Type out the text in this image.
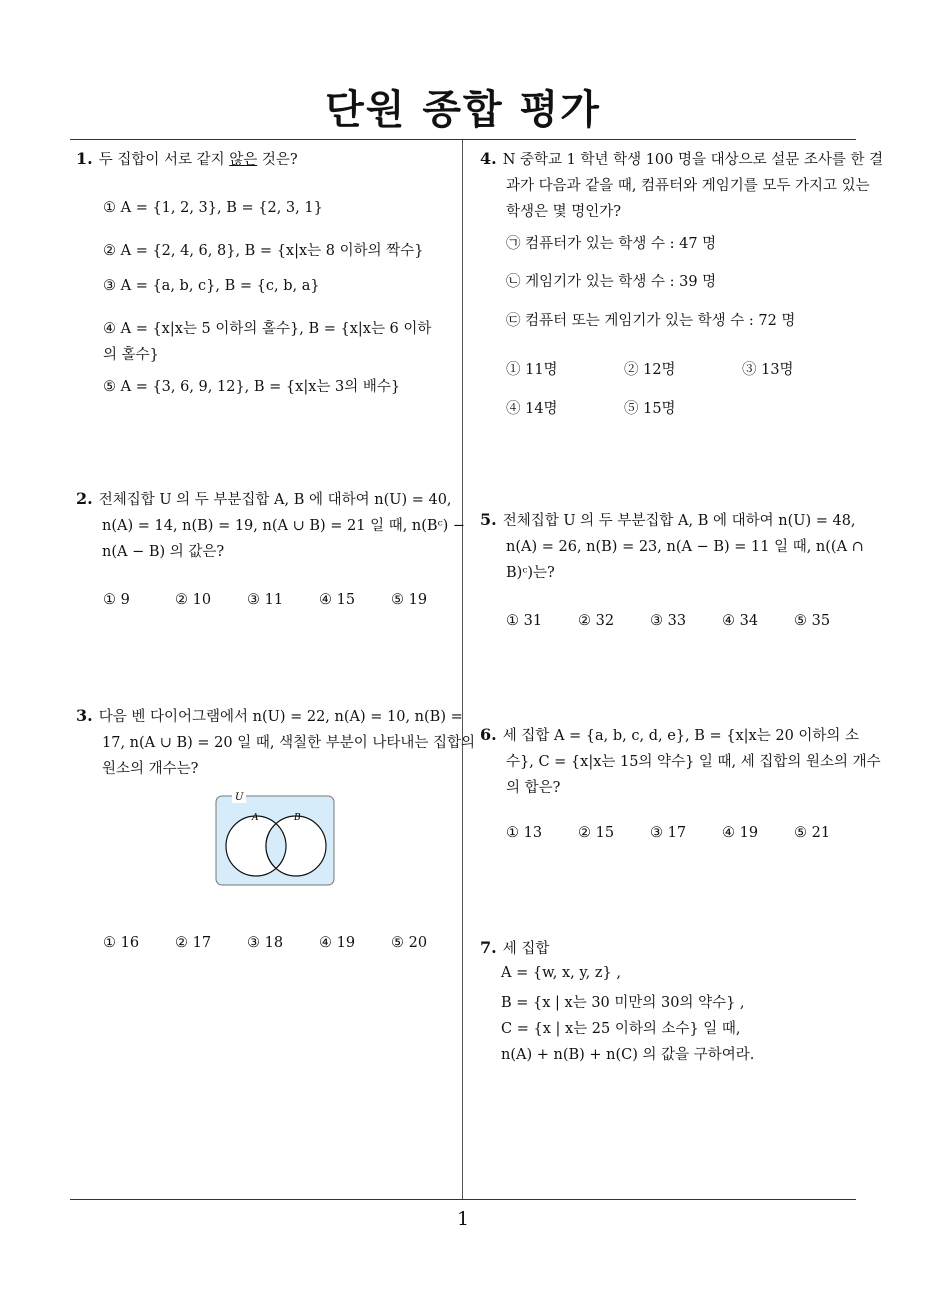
단원 종합 평가
1
1. 두 집합이 서로 같지 않은 것은?
① A = {1, 2, 3}, B = {2, 3, 1}
② A = {2, 4, 6, 8}, B = {x|x는 8 이하의 짝수}
③ A = {a, b, c}, B = {c, b, a}
④ A = {x|x는 5 이하의 홀수}, B = {x|x는 6 이하의 홀수}
⑤ A = {3, 6, 9, 12}, B = {x|x는 3의 배수}
2. 전체집합 U 의 두 부분집합 A, B 에 대하여 n(U) = 40, n(A) = 14, n(B) = 19, n(A ∪ B) = 21 일 때, n(Bᶜ) − n(A − B) 의 값은?
① 9	② 10 ③ 11 ④ 15 ⑤ 19
3. 다음 벤 다이어그램에서 n(U) = 22, n(A) = 10, n(B) = 17, n(A ∪ B) = 20 일 때, 색칠한 부분이 나타내는 집합의 원소의 개수는?
U
A	B
① 16 ② 17 ③ 18 ④ 19 ⑤ 20
4. N 중학교 1 학년 학생 100 명을 대상으로 설문 조사를 한 결과가 다음과 같을 때, 컴퓨터와 게임기를 모두 가지고 있는 학생은 몇 명인가?
㉠ 컴퓨터가 있는 학생 수 : 47 명
㉡ 게임기가 있는 학생 수 : 39 명
㉢ 컴퓨터 또는 게임기가 있는 학생 수 : 72 명
① 11명	② 12명	③ 13명
④ 14명	⑤ 15명
5. 전체집합 U 의 두 부분집합 A, B 에 대하여 n(U) = 48, n(A) = 26, n(B) = 23, n(A − B) = 11 일 때, n((A ∩ B)ᶜ)는?
① 31 ② 32 ③ 33 ④ 34 ⑤ 35
6. 세 집합 A = {a, b, c, d, e}, B = {x|x는 20 이하의 소수}, C = {x|x는 15의 약수} 일 때, 세 집합의 원소의 개수의 합은?
① 13 ② 15 ③ 17 ④ 19 ⑤ 21
7. 세 집합
A = {w, x, y, z} ,
B = {x | x는 30 미만의 30의 약수} ,
C = {x | x는 25 이하의 소수} 일 때,
n(A) + n(B) + n(C) 의 값을 구하여라.
